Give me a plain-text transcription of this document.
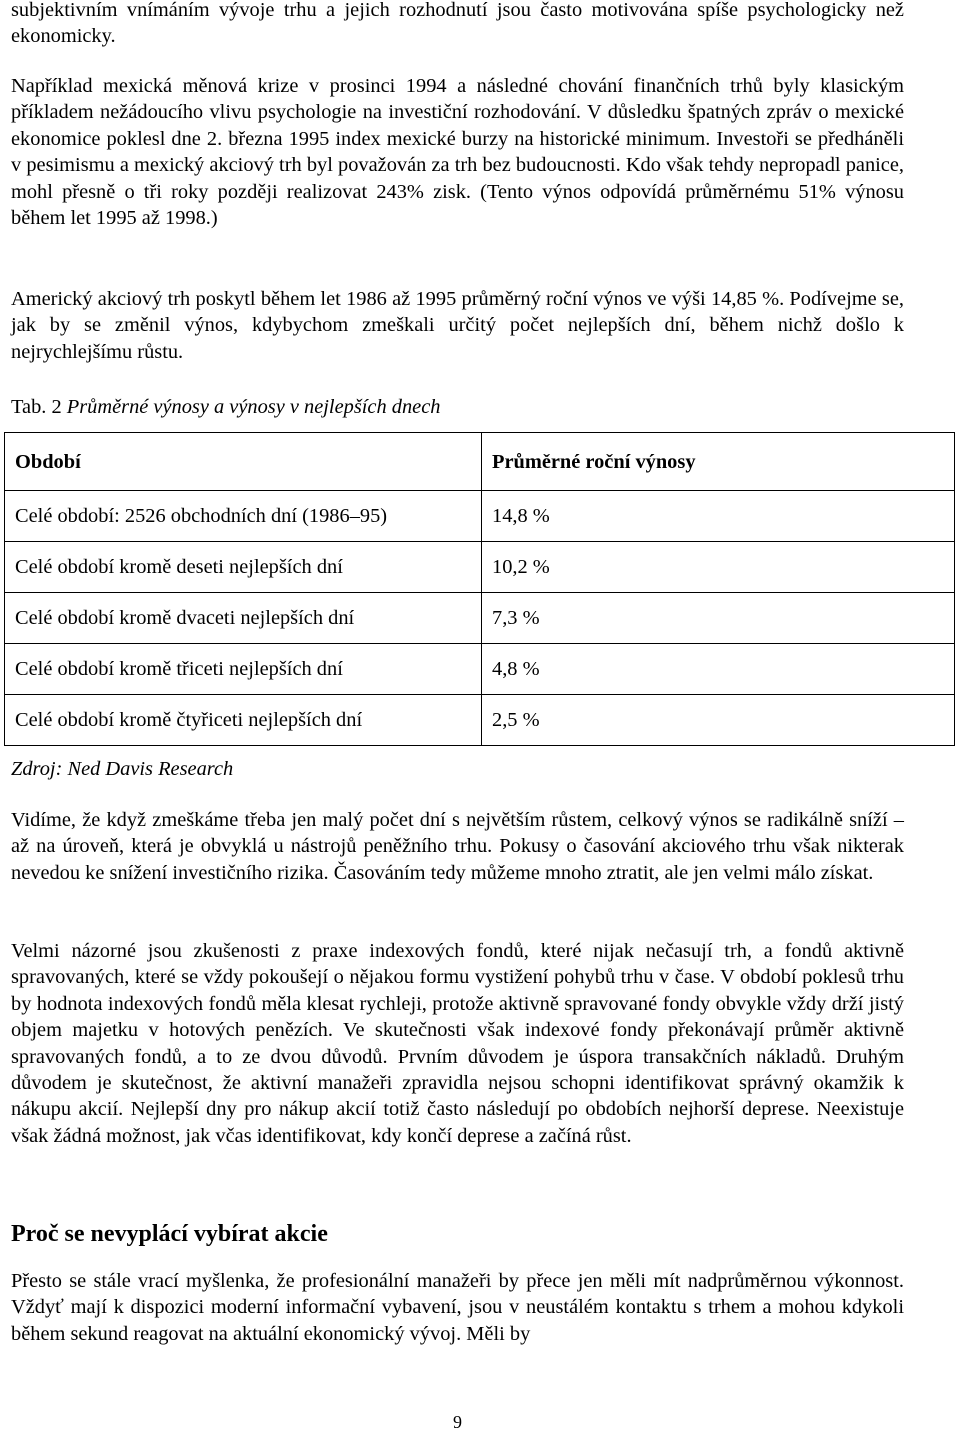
subjektivním vnímáním vývoje trhu a jejich rozhodnutí jsou často motivována spíše psychologicky než ekonomicky.

Například mexická měnová krize v prosinci 1994 a následné chování finančních trhů byly klasickým příkladem nežádoucího vlivu psychologie na investiční rozhodování. V důsledku špatných zpráv o mexické ekonomice poklesl dne 2. března 1995 index mexické burzy na historické minimum. Investoři se předháněli v pesimismu a mexický akciový trh byl považován za trh bez budoucnosti. Kdo však tehdy nepropadl panice, mohl přesně o tři roky později realizovat 243% zisk. (Tento výnos odpovídá průměrnému 51% výnosu během let 1995 až 1998.)

Americký akciový trh poskytl během let 1986 až 1995 průměrný roční výnos ve výši 14,85 %. Podívejme se, jak by se změnil výnos, kdybychom zmeškali určitý počet nejlepších dní, během nichž došlo k nejrychlejšímu růstu.

Tab. 2 Průměrné výnosy a výnosy v nejlepších dnech

Období	Průměrné roční výnosy
Celé období: 2526 obchodních dní (1986–95)	14,8 %
Celé období kromě deseti nejlepších dní	10,2 %
Celé období kromě dvaceti nejlepších dní	7,3 %
Celé období kromě třiceti nejlepších dní	4,8 %
Celé období kromě čtyřiceti nejlepších dní	2,5 %

Zdroj: Ned Davis Research

Vidíme, že když zmeškáme třeba jen malý počet dní s největším růstem, celkový výnos se radikálně sníží – až na úroveň, která je obvyklá u nástrojů peněžního trhu. Pokusy o časování akciového trhu však nikterak nevedou ke snížení investičního rizika. Časováním tedy můžeme mnoho ztratit, ale jen velmi málo získat.

Velmi názorné jsou zkušenosti z praxe indexových fondů, které nijak nečasují trh, a fondů aktivně spravovaných, které se vždy pokoušejí o nějakou formu vystižení pohybů trhu v čase. V období poklesů trhu by hodnota indexových fondů měla klesat rychleji, protože aktivně spravované fondy obvykle vždy drží jistý objem majetku v hotových penězích. Ve skutečnosti však indexové fondy překonávají průměr aktivně spravovaných fondů, a to ze dvou důvodů. Prvním důvodem je úspora transakčních nákladů. Druhým důvodem je skutečnost, že aktivní manažeři zpravidla nejsou schopni identifikovat správný okamžik k nákupu akcií. Nejlepší dny pro nákup akcií totiž často následují po obdobích nejhorší deprese. Neexistuje však žádná možnost, jak včas identifikovat, kdy končí deprese a začíná růst.

Proč se nevyplácí vybírat akcie

Přesto se stále vrací myšlenka, že profesionální manažeři by přece jen měli mít nadprůměrnou výkonnost. Vždyť mají k dispozici moderní informační vybavení, jsou v neustálém kontaktu s trhem a mohou kdykoli během sekund reagovat na aktuální ekonomický vývoj. Měli by

9
